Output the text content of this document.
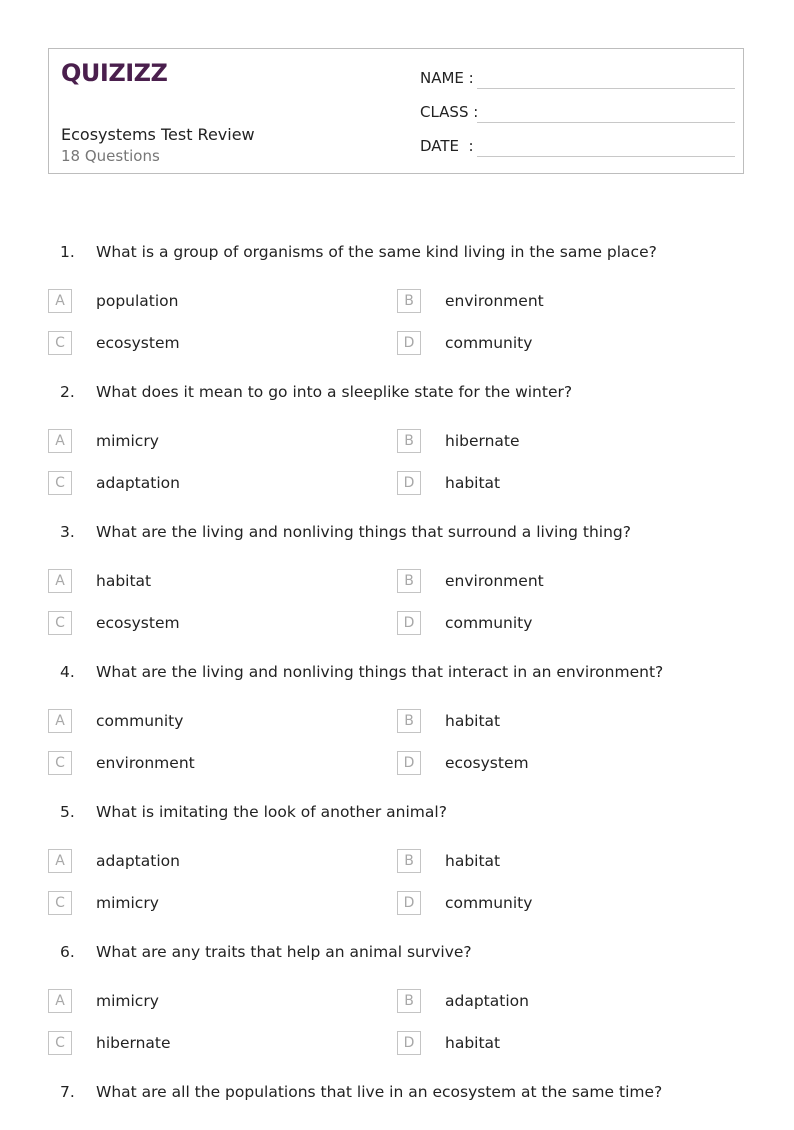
QUIZIZZ
Ecosystems Test Review
18 Questions
NAME :
CLASS :
DATE  :
1. What is a group of organisms of the same kind living in the same place?
A	population	B	environment
C	ecosystem	D	community
2. What does it mean to go into a sleeplike state for the winter?
A	mimicry	B	hibernate
C	adaptation	D	habitat
3. What are the living and nonliving things that surround a living thing?
A	habitat	B	environment
C	ecosystem	D	community
4. What are the living and nonliving things that interact in an environment?
A	community	B	habitat
C	environment	D	ecosystem
5. What is imitating the look of another animal?
A	adaptation	B	habitat
C	mimicry	D	community
6. What are any traits that help an animal survive?
A	mimicry	B	adaptation
C	hibernate	D	habitat
7. What are all the populations that live in an ecosystem at the same time?
